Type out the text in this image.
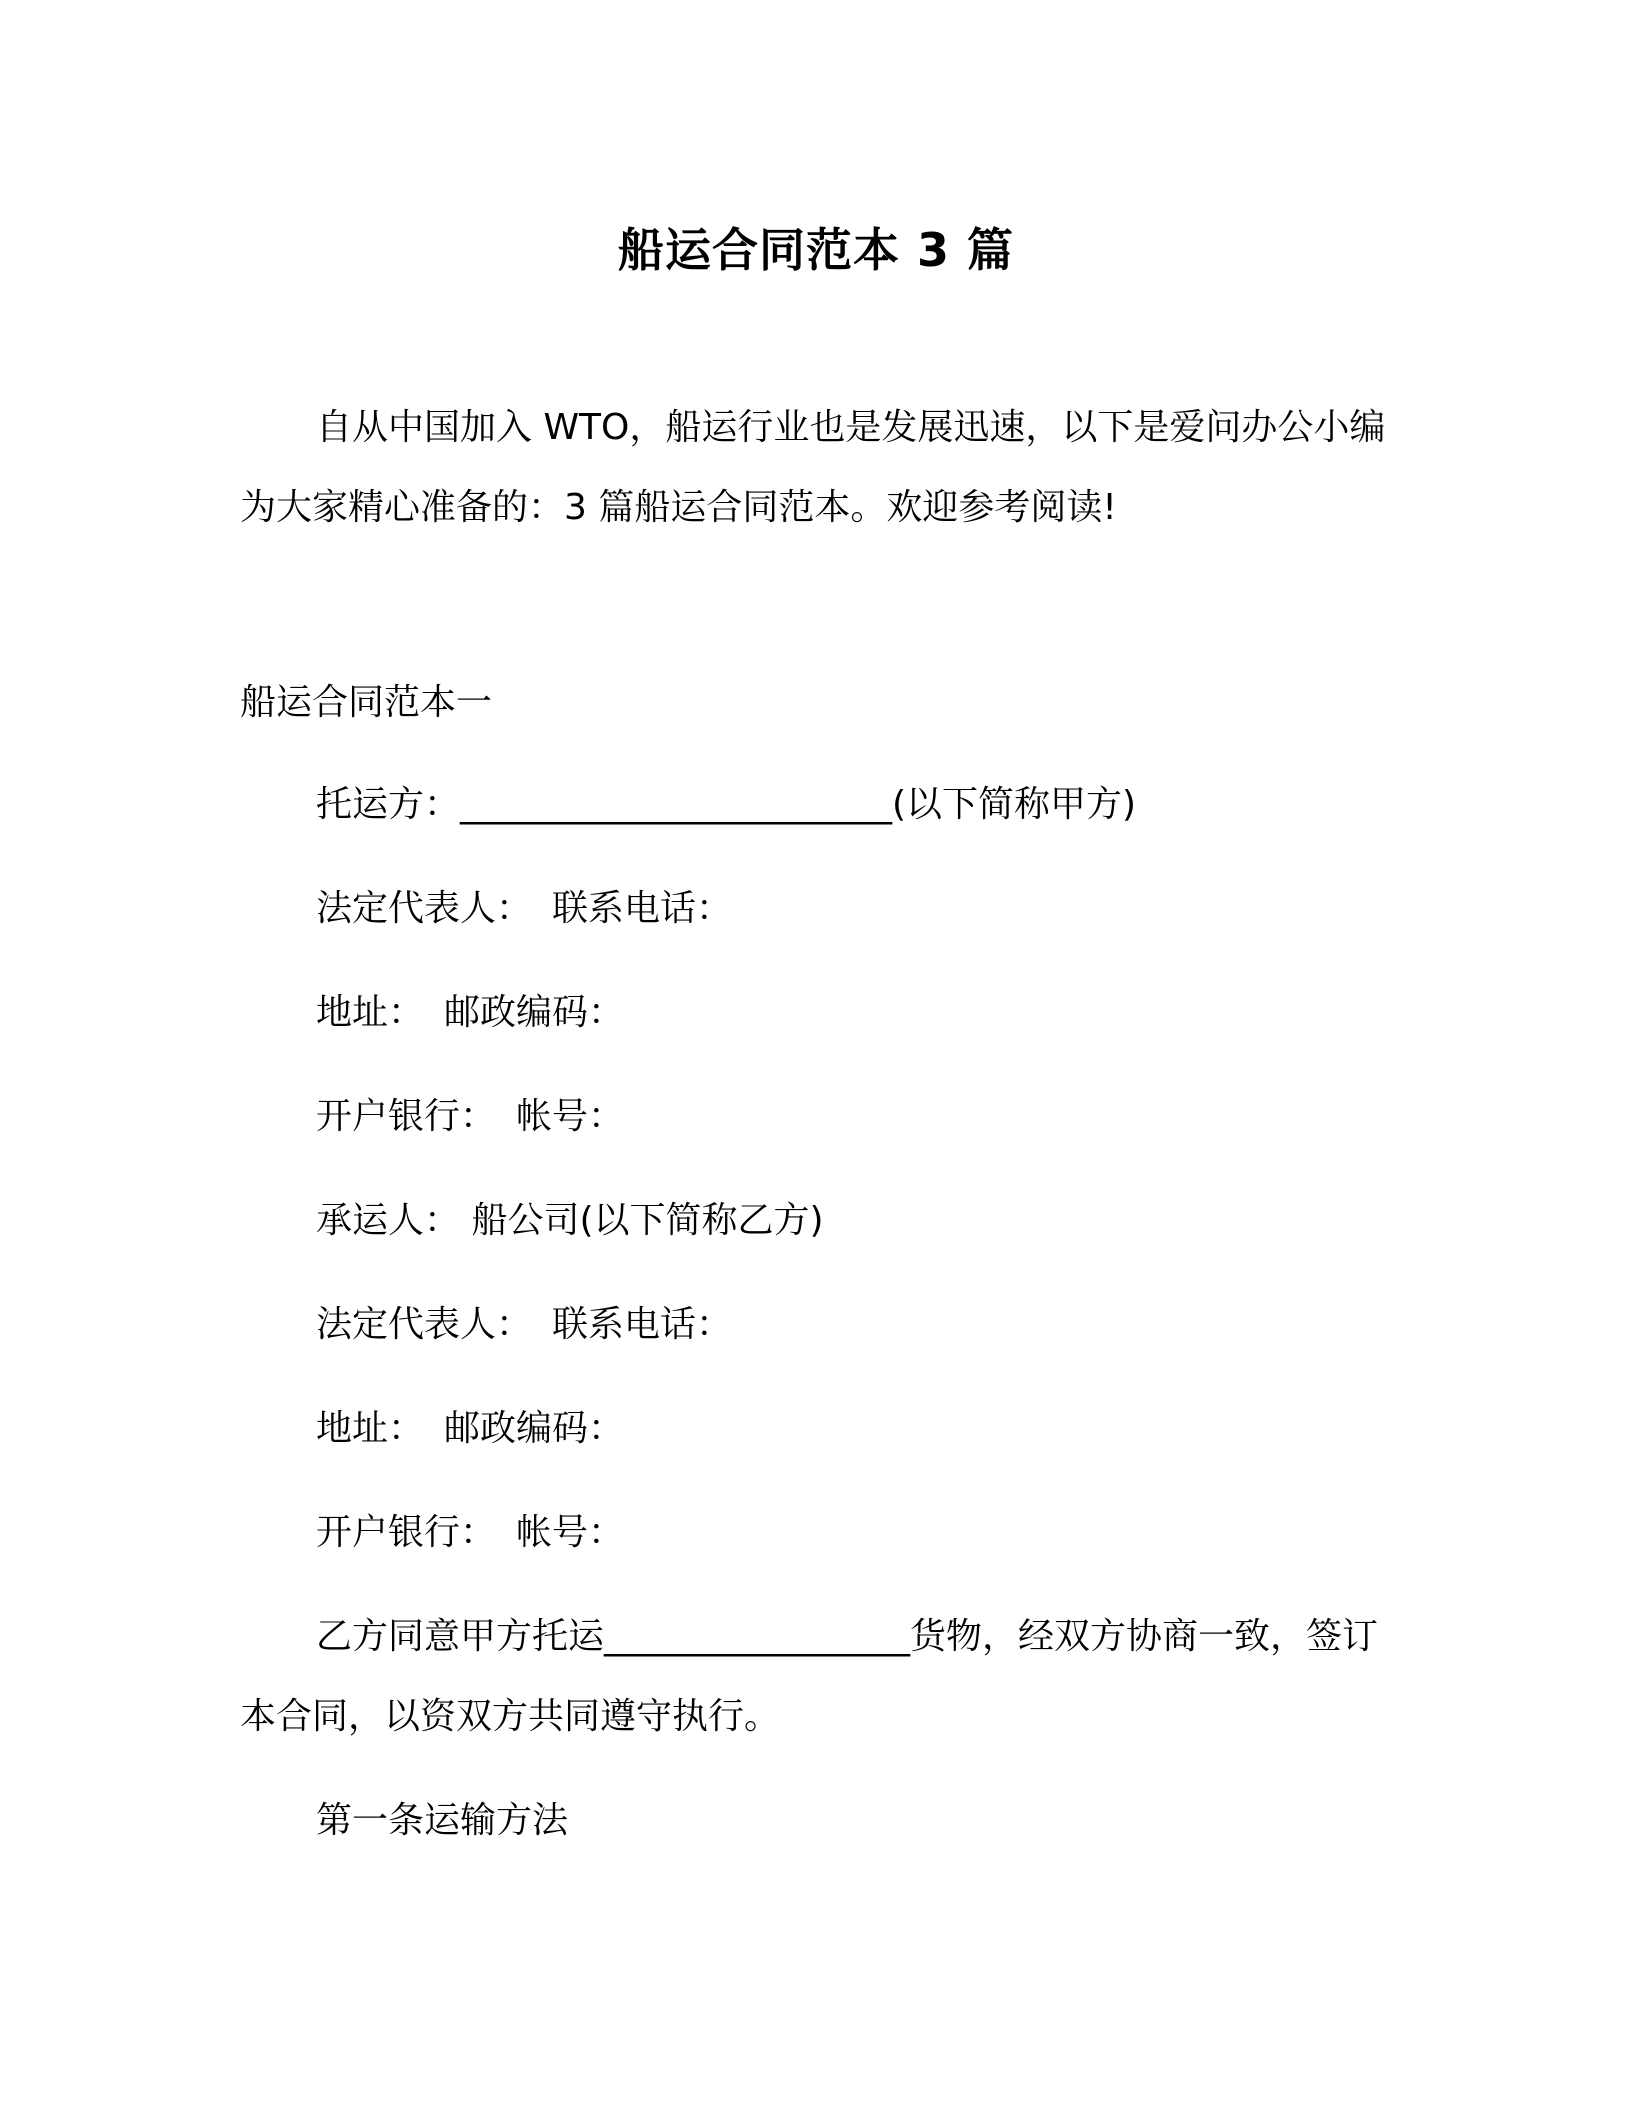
船运合同范本 3 篇
自从中国加入 WTO，船运行业也是发展迅速，以下是爱问办公小编为大家精心准备的：3 篇船运合同范本。欢迎参考阅读!
船运合同范本一
托运方：________________________(以下简称甲方)
法定代表人： 联系电话：
地址： 邮政编码：
开户银行： 帐号：
承运人： 船公司(以下简称乙方)
法定代表人： 联系电话：
地址： 邮政编码：
开户银行： 帐号：
乙方同意甲方托运_________________货物，经双方协商一致，签订本合同，以资双方共同遵守执行。
第一条运输方法
